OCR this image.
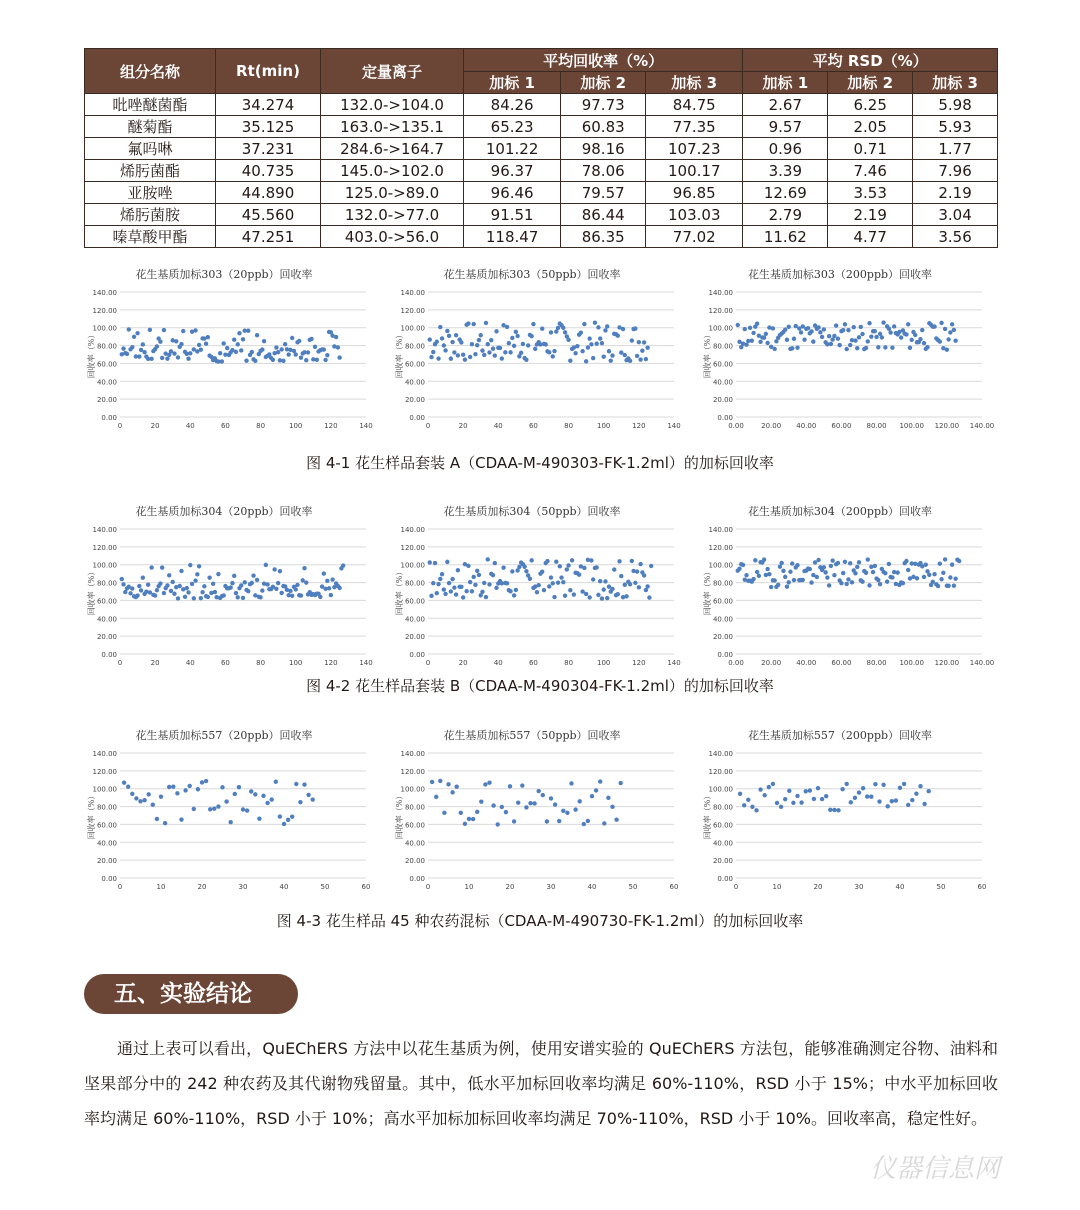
组分名称	Rt(min)	定量离子	平均回收率（%）			平均 RSD（%）		
			加标 1	加标 2	加标 3	加标 1	加标 2	加标 3
吡唑醚菌酯	34.274	132.0->104.0	84.26	97.73	84.75	2.67	6.25	5.98
醚菊酯	35.125	163.0->135.1	65.23	60.83	77.35	9.57	2.05	5.93
氟吗啉	37.231	284.6->164.7	101.22	98.16	107.23	0.96	0.71	1.77
烯肟菌酯	40.735	145.0->102.0	96.37	78.06	100.17	3.39	7.46	7.96
亚胺唑	44.890	125.0->89.0	96.46	79.57	96.85	12.69	3.53	2.19
烯肟菌胺	45.560	132.0->77.0	91.51	86.44	103.03	2.79	2.19	3.04
嗪草酸甲酯	47.251	403.0->56.0	118.47	86.35	77.02	11.62	4.77	3.56
花生基质加标303（20ppb）回收率
0.00
20.00
40.00
60.00
80.00
100.00
120.00
140.00
0	20	40	60	80	100	120	140
回收率（%）
花生基质加标303（50ppb）回收率
0.00
20.00
40.00
60.00
80.00
100.00
120.00
140.00
0	20	40	60	80	100	120	140
回收率（%）
花生基质加标303（200ppb）回收率
0.00
20.00
40.00
60.00
80.00
100.00
120.00
140.00
0.00 20.00 40.00 60.00 80.00 100.00 120.00 140.00
回收率（%）
图 4-1 花生样品套装 A（CDAA-M-490303-FK-1.2ml）的加标回收率
花生基质加标304（20ppb）回收率
0.00
20.00
40.00
60.00
80.00
100.00
120.00
140.00
0	20	40	60	80	100	120	140
回收率（%）
花生基质加标304（50ppb）回收率
0.00
20.00
40.00
60.00
80.00
100.00
120.00
140.00
0	20	40	60	80	100	120	140
回收率（%）
花生基质加标304（200ppb）回收率
0.00
20.00
40.00
60.00
80.00
100.00
120.00
140.00
0.00 20.00 40.00 60.00 80.00 100.00 120.00 140.00
回收率（%）
图 4-2 花生样品套装 B（CDAA-M-490304-FK-1.2ml）的加标回收率
花生基质加标557（20ppb）回收率
0.00
20.00
40.00
60.00
80.00
100.00
120.00
140.00
0	10	20	30	40	50	60
回收率（%）
花生基质加标557（50ppb）回收率
0.00
20.00
40.00
60.00
80.00
100.00
120.00
140.00
0	10	20	30	40	50	60
回收率（%）
花生基质加标557（200ppb）回收率
0.00
20.00
40.00
60.00
80.00
100.00
120.00
140.00
0	10	20	30	40	50	60
回收率（%）
图 4-3 花生样品 45 种农药混标（CDAA-M-490730-FK-1.2ml）的加标回收率
五、实验结论
通过上表可以看出，QuEChERS 方法中以花生基质为例，使用安谱实验的 QuEChERS 方法包，能够准确测定谷物、油料和坚果部分中的 242 种农药及其代谢物残留量。其中，低水平加标回收率均满足 60%-110%，RSD 小于 15%；中水平加标回收率均满足 60%-110%，RSD 小于 10%；高水平加标加标回收率均满足 70%-110%，RSD 小于 10%。回收率高，稳定性好。
仪器信息网
